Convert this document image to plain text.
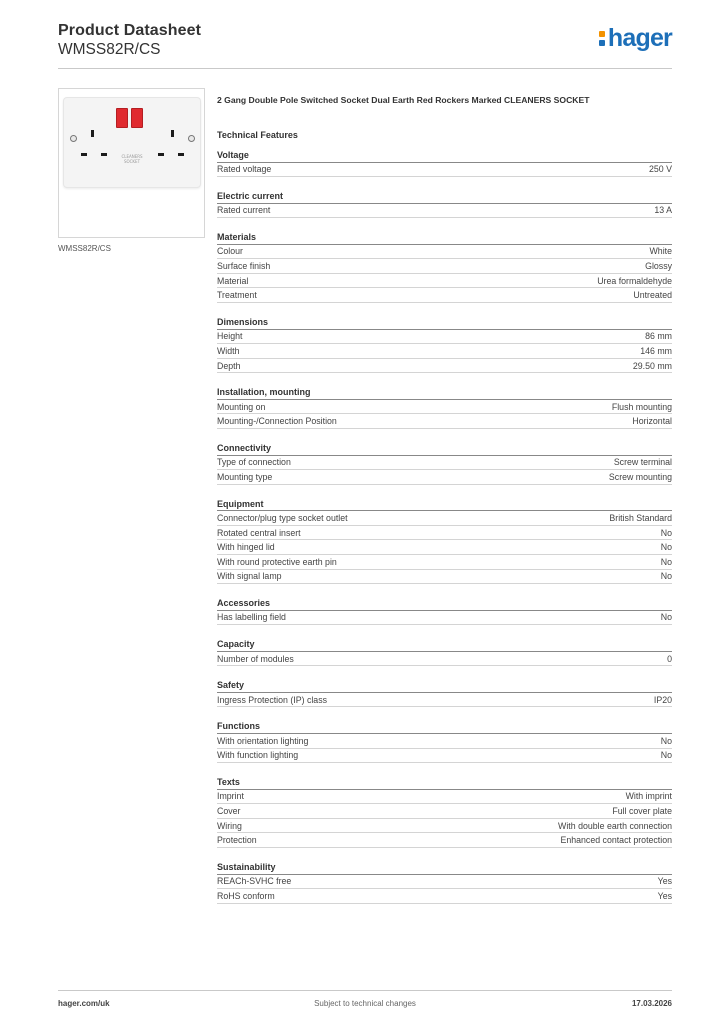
Product Datasheet
WMSS82R/CS	hager
CLEANERS SOCKET
WMSS82R/CS
2 Gang Double Pole Switched Socket Dual Earth Red Rockers Marked CLEANERS SOCKET
Technical Features
Voltage
Rated voltage	250 V
Electric current
Rated current	13 A
Materials
Colour	White
Surface finish	Glossy
Material	Urea formaldehyde
Treatment	Untreated
Dimensions
Height	86 mm
Width	146 mm
Depth	29.50 mm
Installation, mounting
Mounting on	Flush mounting
Mounting-/Connection Position	Horizontal
Connectivity
Type of connection	Screw terminal
Mounting type	Screw mounting
Equipment
Connector/plug type socket outlet	British Standard
Rotated central insert	No
With hinged lid	No
With round protective earth pin	No
With signal lamp	No
Accessories
Has labelling field	No
Capacity
Number of modules	0
Safety
Ingress Protection (IP) class	IP20
Functions
With orientation lighting	No
With function lighting	No
Texts
Imprint	With imprint
Cover	Full cover plate
Wiring	With double earth connection
Protection	Enhanced contact protection
Sustainability
REACh-SVHC free	Yes
RoHS conform	Yes
hager.com/uk	Subject to technical changes	17.03.2026
